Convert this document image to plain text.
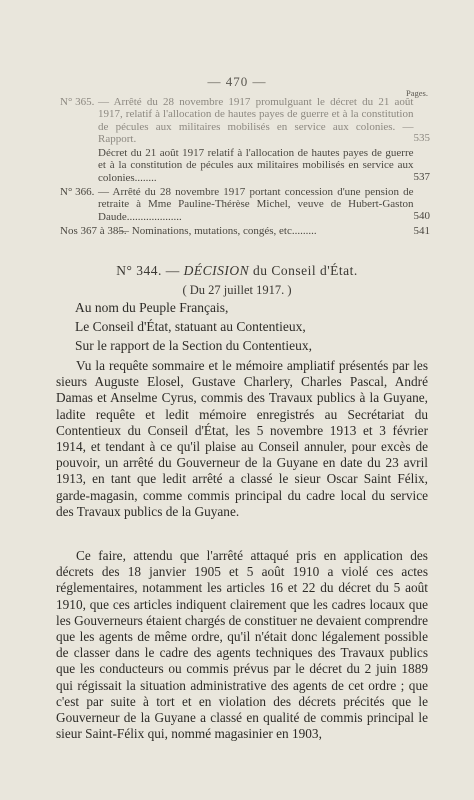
— 470 —
Pages.
N° 365.
535
— Arrêté du 28 novembre 1917 promulguant le décret du 21 août 1917, relatif à l'allocation de hautes payes de guerre et à la constitution de pécules aux militaires mobilisés en service aux colonies. — Rapport.
537
Décret du 21 août 1917 relatif à l'allocation de hautes payes de guerre et à la constitution de pécules aux militaires mobilisés en service aux colonies........
N° 366.
540
— Arrêté du 28 novembre 1917 portant concession d'une pension de retraite à Mme Pauline-Thérèse Michel, veuve de Hubert-Gaston Daude....................
Nos 367 à 385.	541
— Nominations, mutations, congés, etc.........
N° 344. — DÉCISION du Conseil d'État.
( Du 27 juillet 1917. )
Au nom du Peuple Français,
Le Conseil d'État, statuant au Contentieux,
Sur le rapport de la Section du Contentieux,
Vu la requête sommaire et le mémoire ampliatif présentés par les sieurs Auguste Elosel, Gustave Charlery, Charles Pascal, André Damas et Anselme Cyrus, commis des Travaux publics à la Guyane, ladite requête et ledit mémoire enregistrés au Secrétariat du Contentieux du Conseil d'État, les 5 novembre 1913 et 3 février 1914, et tendant à ce qu'il plaise au Conseil annuler, pour excès de pouvoir, un arrêté du Gouverneur de la Guyane en date du 23 avril 1913, en tant que ledit arrêté a classé le sieur Oscar Saint Félix, garde-magasin, comme commis principal du cadre local du service des Travaux publics de la Guyane.
Ce faire, attendu que l'arrêté attaqué pris en application des décrets des 18 janvier 1905 et 5 août 1910 a violé ces actes réglementaires, notamment les articles 16 et 22 du décret du 5 août 1910, que ces articles indiquent clairement que les cadres locaux que les Gouverneurs étaient chargés de constituer ne devaient comprendre que les agents de même ordre, qu'il n'était donc légalement possible de classer dans le cadre des agents techniques des Travaux publics que les conducteurs ou commis prévus par le décret du 2 juin 1889 qui régissait la situation administrative des agents de cet ordre ; que c'est par suite à tort et en violation des décrets précités que le Gouverneur de la Guyane a classé en qualité de commis principal le sieur Saint-Félix qui, nommé magasinier en 1903,
